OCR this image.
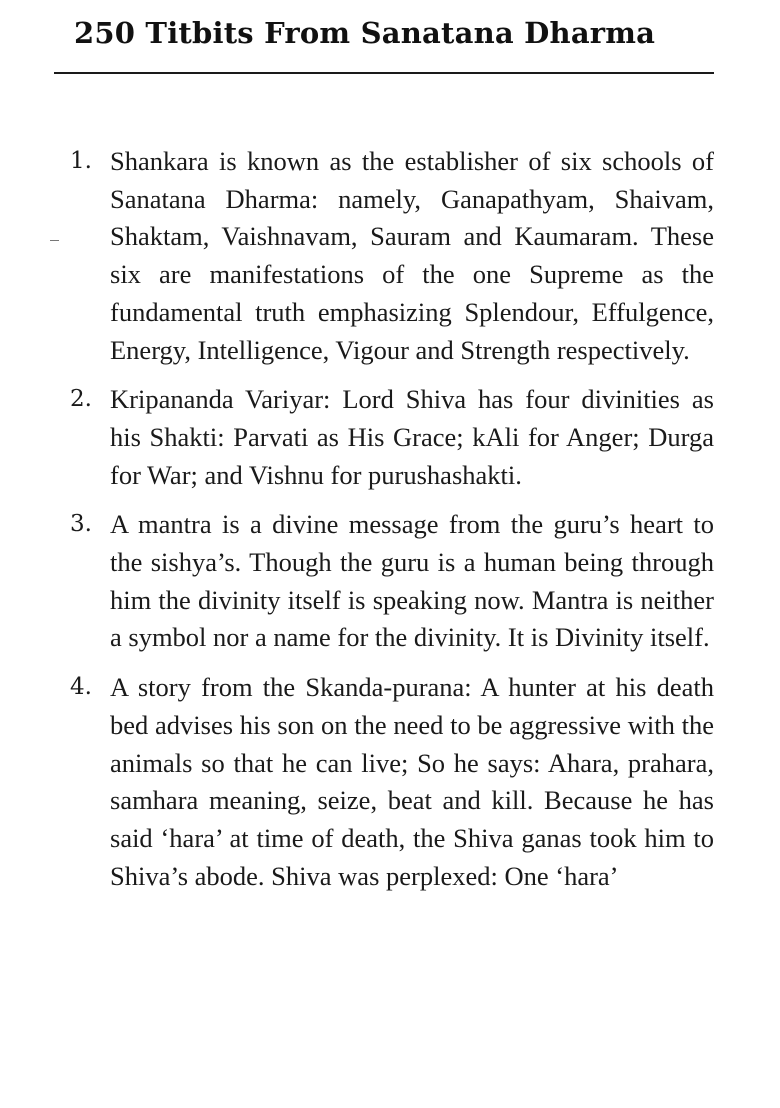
250 Titbits From Sanatana Dharma
1. Shankara is known as the establisher of six schools of Sanatana Dharma: namely, Ganapathyam, Shaivam, Shaktam, Vaishnavam, Sauram and Kaumaram. These six are manifestations of the one Supreme as the fundamental truth emphasizing Splendour, Effulgence, Energy, Intelligence, Vigour and Strength respectively.
2. Kripananda Variyar: Lord Shiva has four divinities as his Shakti: Parvati as His Grace; kAli for Anger; Durga for War; and Vishnu for purushashakti.
3. A mantra is a divine message from the guru’s heart to the sishya’s. Though the guru is a human being through him the divinity itself is speaking now. Mantra is neither a symbol nor a name for the divinity. It is Divinity itself.
4. A story from the Skanda-purana: A hunter at his death bed advises his son on the need to be aggressive with the animals so that he can live; So he says: Ahara, prahara, samhara meaning, seize, beat and kill. Because he has said ‘hara’ at time of death, the Shiva ganas took him to Shiva’s abode. Shiva was perplexed: One ‘hara’
